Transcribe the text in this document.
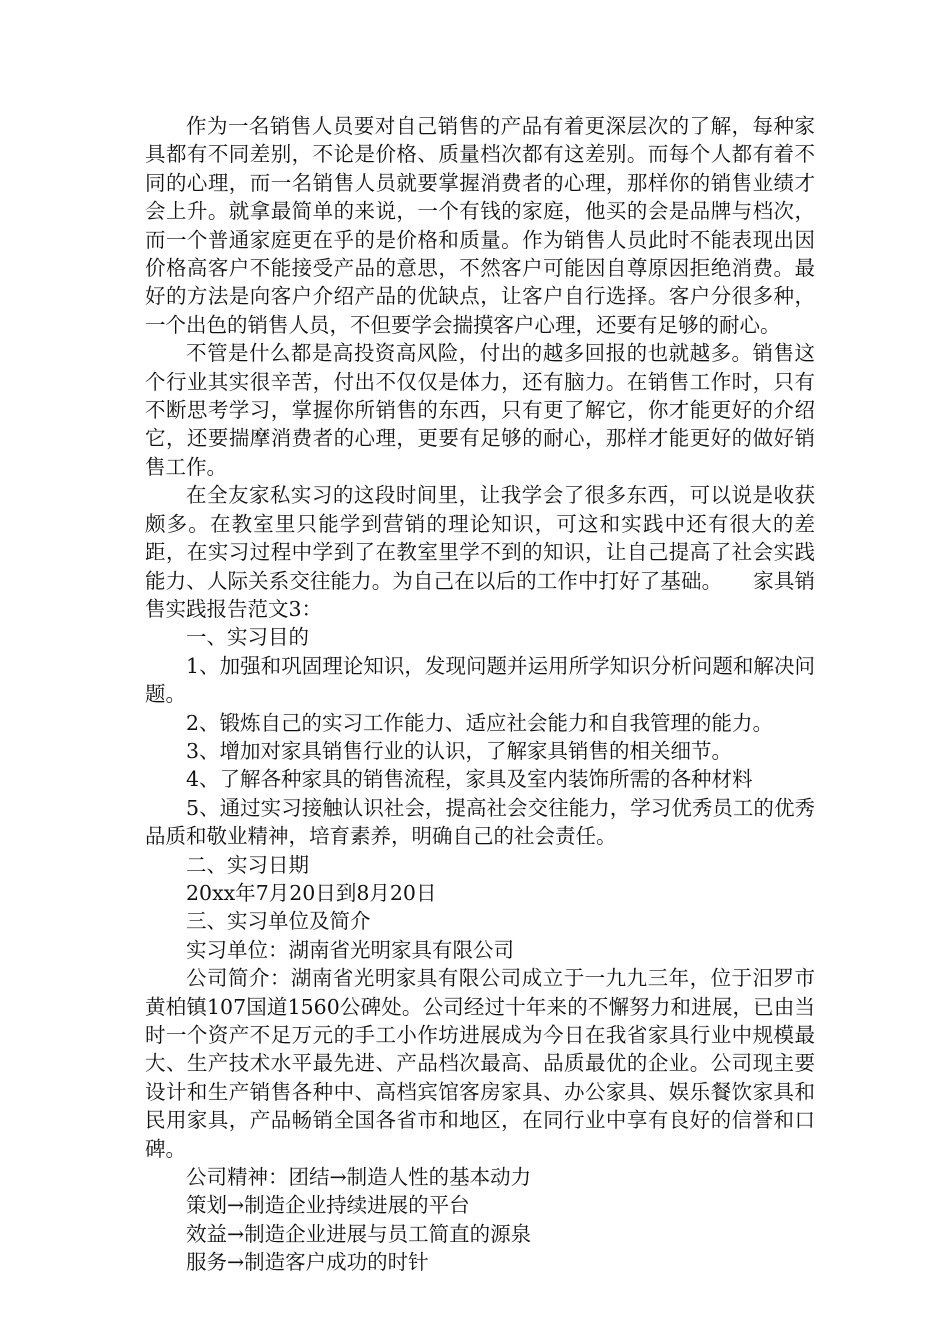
作为一名销售人员要对自己销售的产品有着更深层次的了解，每种家具都有不同差别，不论是价格、质量档次都有这差别。而每个人都有着不同的心理，而一名销售人员就要掌握消费者的心理，那样你的销售业绩才会上升。就拿最简单的来说，一个有钱的家庭，他买的会是品牌与档次，而一个普通家庭更在乎的是价格和质量。作为销售人员此时不能表现出因价格高客户不能接受产品的意思，不然客户可能因自尊原因拒绝消费。最好的方法是向客户介绍产品的优缺点，让客户自行选择。客户分很多种，一个出色的销售人员，不但要学会揣摸客户心理，还要有足够的耐心。

不管是什么都是高投资高风险，付出的越多回报的也就越多。销售这个行业其实很辛苦，付出不仅仅是体力，还有脑力。在销售工作时，只有不断思考学习，掌握你所销售的东西，只有更了解它，你才能更好的介绍它，还要揣摩消费者的心理，更要有足够的耐心，那样才能更好的做好销售工作。

在全友家私实习的这段时间里，让我学会了很多东西，可以说是收获颇多。在教室里只能学到营销的理论知识，可这和实践中还有很大的差距，在实习过程中学到了在教室里学不到的知识，让自己提高了社会实践能力、人际关系交往能力。为自己在以后的工作中打好了基础。　　家具销售实践报告范文3：

一、实习目的

1、加强和巩固理论知识，发现问题并运用所学知识分析问题和解决问题。

2、锻炼自己的实习工作能力、适应社会能力和自我管理的能力。

3、增加对家具销售行业的认识，了解家具销售的相关细节。

4、了解各种家具的销售流程，家具及室内装饰所需的各种材料

5、通过实习接触认识社会，提高社会交往能力，学习优秀员工的优秀品质和敬业精神，培育素养，明确自己的社会责任。

二、实习日期

20xx年7月20日到8月20日

三、实习单位及简介

实习单位：湖南省光明家具有限公司

公司简介：湖南省光明家具有限公司成立于一九九三年，位于汨罗市黄柏镇107国道1560公碑处。公司经过十年来的不懈努力和进展，已由当时一个资产不足万元的手工小作坊进展成为今日在我省家具行业中规模最大、生产技术水平最先进、产品档次最高、品质最优的企业。公司现主要设计和生产销售各种中、高档宾馆客房家具、办公家具、娱乐餐饮家具和民用家具，产品畅销全国各省市和地区，在同行业中享有良好的信誉和口碑。

公司精神：团结→制造人性的基本动力

策划→制造企业持续进展的平台

效益→制造企业进展与员工简直的源泉

服务→制造客户成功的时针
